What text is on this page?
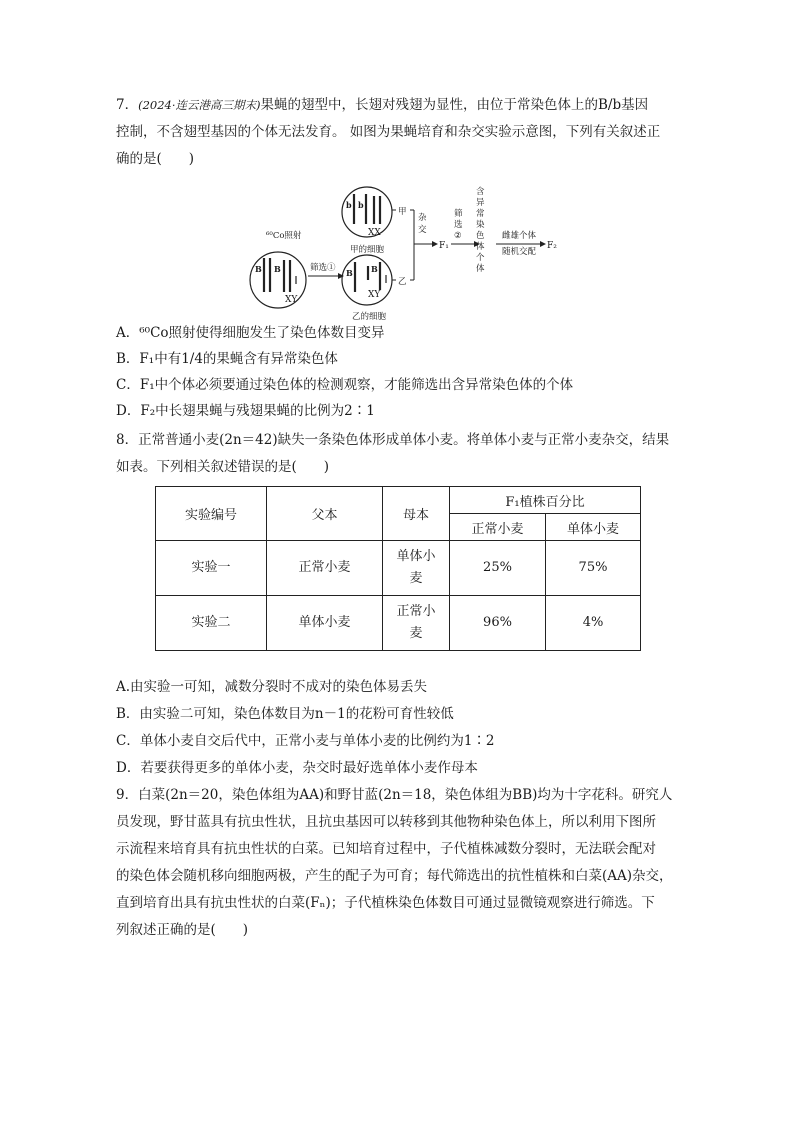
7．(2024·连云港高三期末)果蝇的翅型中，长翅对残翅为显性，由位于常染色体上的B/b基因
控制，不含翅型基因的个体无法发育。 如图为果蝇培育和杂交实验示意图，下列有关叙述正
确的是(　　)
B B
XY
⁶⁰Co照射
筛选①
b b
XX
甲的细胞
B B
XY
乙的细胞
甲
乙
杂
交
F₁
筛
选
②
含
异
常
染
色
体
个
体
雌雄个体
随机交配
F₂
A．⁶⁰Co照射使得细胞发生了染色体数目变异
B．F₁中有1/4的果蝇含有异常染色体
C．F₁中个体必须要通过染色体的检测观察，才能筛选出含异常染色体的个体
D．F₂中长翅果蝇与残翅果蝇的比例为2∶1
8．正常普通小麦(2n＝42)缺失一条染色体形成单体小麦。将单体小麦与正常小麦杂交，结果
如表。下列相关叙述错误的是(　　)
实验编号	父本	母本	F₁植株百分比	
			正常小麦	单体小麦
实验一	正常小麦	单体小
麦	25%	75%
实验二	单体小麦	正常小
麦	96%	4%
A.由实验一可知，减数分裂时不成对的染色体易丢失
B．由实验二可知，染色体数目为n－1的花粉可育性较低
C．单体小麦自交后代中，正常小麦与单体小麦的比例约为1∶2
D．若要获得更多的单体小麦，杂交时最好选单体小麦作母本
9．白菜(2n＝20，染色体组为AA)和野甘蓝(2n＝18，染色体组为BB)均为十字花科。研究人
员发现，野甘蓝具有抗虫性状，且抗虫基因可以转移到其他物种染色体上，所以利用下图所
示流程来培育具有抗虫性状的白菜。已知培育过程中，子代植株减数分裂时，无法联会配对
的染色体会随机移向细胞两极，产生的配子为可育；每代筛选出的抗性植株和白菜(AA)杂交，
直到培育出具有抗虫性状的白菜(Fₙ)；子代植株染色体数目可通过显微镜观察进行筛选。下
列叙述正确的是(　　)
